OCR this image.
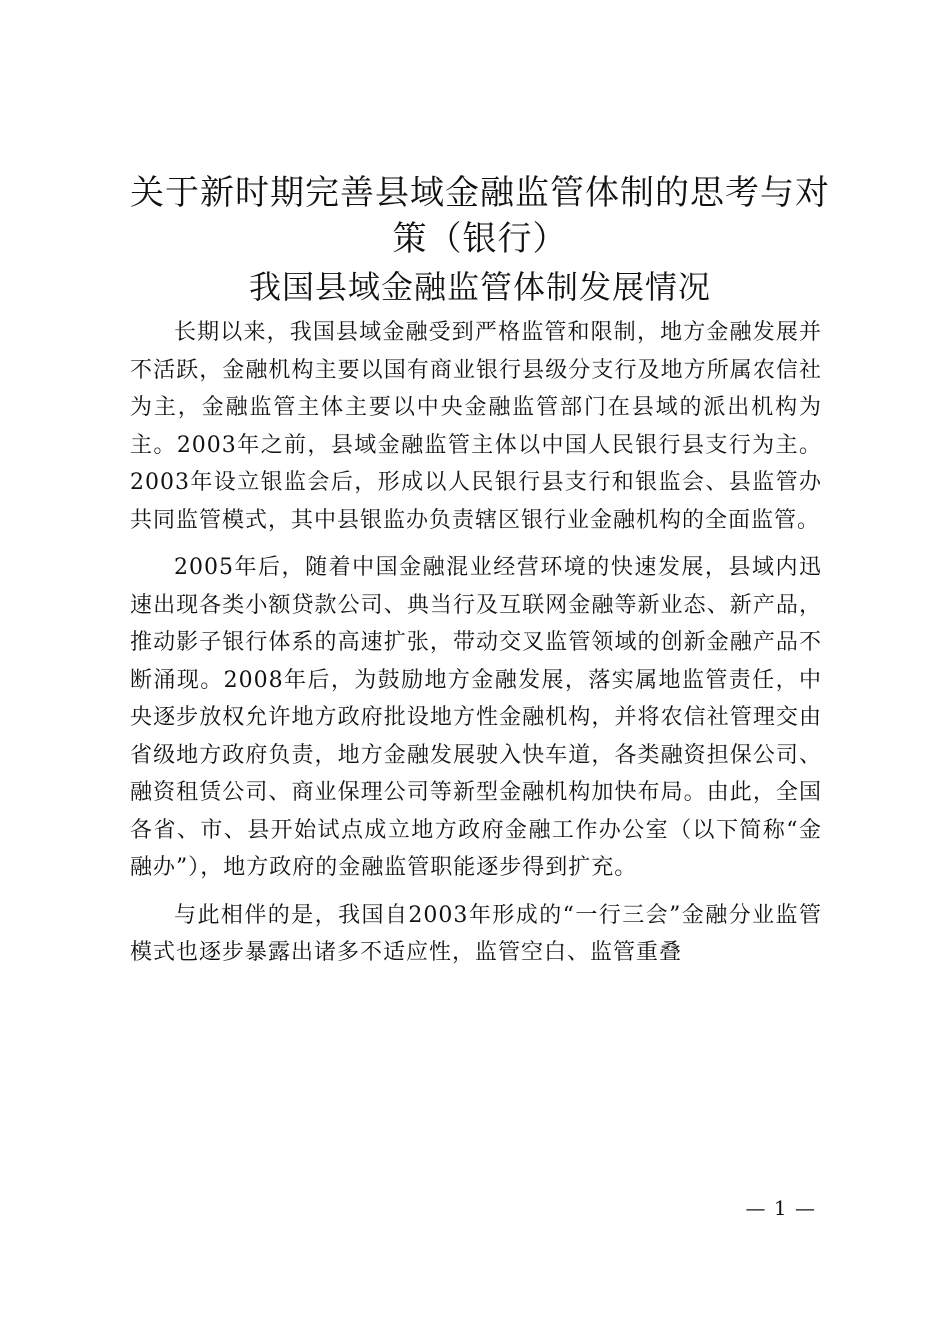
关于新时期完善县域金融监管体制的思考与对策（银行）
我国县域金融监管体制发展情况

长期以来，我国县域金融受到严格监管和限制，地方金融发展并不活跃，金融机构主要以国有商业银行县级分支行及地方所属农信社为主，金融监管主体主要以中央金融监管部门在县域的派出机构为主。2003年之前，县域金融监管主体以中国人民银行县支行为主。2003年设立银监会后，形成以人民银行县支行和银监会、县监管办共同监管模式，其中县银监办负责辖区银行业金融机构的全面监管。

2005年后，随着中国金融混业经营环境的快速发展，县域内迅速出现各类小额贷款公司、典当行及互联网金融等新业态、新产品，推动影子银行体系的高速扩张，带动交叉监管领域的创新金融产品不断涌现。2008年后，为鼓励地方金融发展，落实属地监管责任，中央逐步放权允许地方政府批设地方性金融机构，并将农信社管理交由省级地方政府负责，地方金融发展驶入快车道，各类融资担保公司、融资租赁公司、商业保理公司等新型金融机构加快布局。由此，全国各省、市、县开始试点成立地方政府金融工作办公室（以下简称“金融办”），地方政府的金融监管职能逐步得到扩充。

与此相伴的是，我国自2003年形成的“一行三会”金融分业监管模式也逐步暴露出诸多不适应性，监管空白、监管重叠

— 1 —
